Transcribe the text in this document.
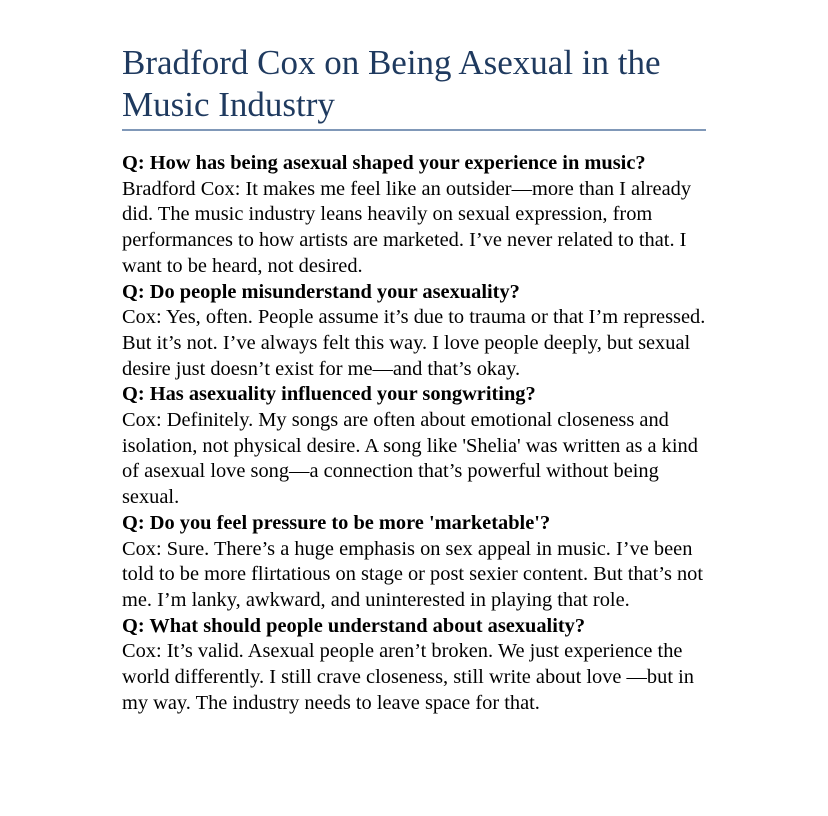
Bradford Cox on Being Asexual in the Music Industry
Q: How has being asexual shaped your experience in music?
Bradford Cox: It makes me feel like an outsider—more than I already did. The music industry leans heavily on sexual expression, from performances to how artists are marketed. I’ve never related to that. I want to be heard, not desired.
Q: Do people misunderstand your asexuality?
Cox: Yes, often. People assume it’s due to trauma or that I’m repressed. But it’s not. I’ve always felt this way. I love people deeply, but sexual desire just doesn’t exist for me—and that’s okay.
Q: Has asexuality influenced your songwriting?
Cox: Definitely. My songs are often about emotional closeness and isolation, not physical desire. A song like 'Shelia' was written as a kind of asexual love song—a connection that’s powerful without being sexual.
Q: Do you feel pressure to be more 'marketable'?
Cox: Sure. There’s a huge emphasis on sex appeal in music. I’ve been told to be more flirtatious on stage or post sexier content. But that’s not me. I’m lanky, awkward, and uninterested in playing that role.
Q: What should people understand about asexuality?
Cox: It’s valid. Asexual people aren’t broken. We just experience the world differently. I still crave closeness, still write about love —but in my way. The industry needs to leave space for that.
